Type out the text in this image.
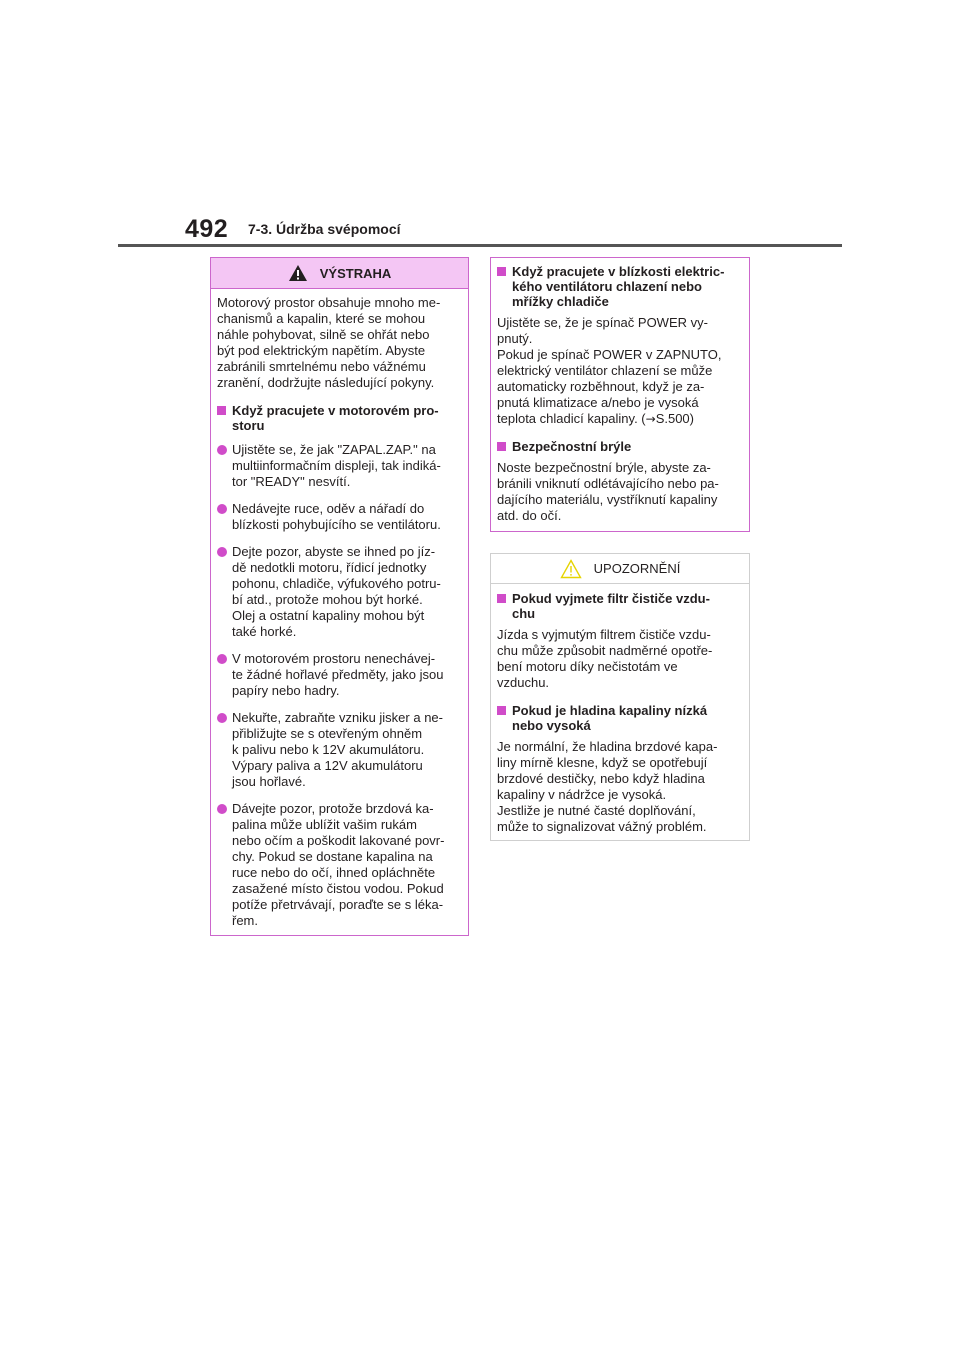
492 7-3. Údržba svépomocí
VÝSTRAHA

Motorový prostor obsahuje mnoho me-
chanismů a kapalin, které se mohou
náhle pohybovat, silně se ohřát nebo
být pod elektrickým napětím. Abyste
zabránili smrtelnému nebo vážnému
zranění, dodržujte následující pokyny.

Když pracujete v motorovém pro-
storu

Ujistěte se, že jak "ZAPAL.ZAP." na
multiinformačním displeji, tak indiká-
tor "READY" nesvítí.

Nedávejte ruce, oděv a nářadí do
blízkosti pohybujícího se ventilátoru.

Dejte pozor, abyste se ihned po jíz-
dě nedotkli motoru, řídicí jednotky
pohonu, chladiče, výfukového potru-
bí atd., protože mohou být horké.
Olej a ostatní kapaliny mohou být
také horké.

V motorovém prostoru nenechávej-
te žádné hořlavé předměty, jako jsou
papíry nebo hadry.

Nekuřte, zabraňte vzniku jisker a ne-
přibližujte se s otevřeným ohněm
k palivu nebo k 12V akumulátoru.
Výpary paliva a 12V akumulátoru
jsou hořlavé.

Dávejte pozor, protože brzdová ka-
palina může ublížit vašim rukám
nebo očím a poškodit lakované povr-
chy. Pokud se dostane kapalina na
ruce nebo do očí, ihned opláchněte
zasažené místo čistou vodou. Pokud
potíže přetrvávají, poraďte se s léka-
řem.

Když pracujete v blízkosti elektric-
kého ventilátoru chlazení nebo
mřížky chladiče

Ujistěte se, že je spínač POWER vy-
pnutý.
Pokud je spínač POWER v ZAPNUTO,
elektrický ventilátor chlazení se může
automaticky rozběhnout, když je za-
pnutá klimatizace a/nebo je vysoká
teplota chladicí kapaliny. (→S.500)

Bezpečnostní brýle

Noste bezpečnostní brýle, abyste za-
bránili vniknutí odlétávajícího nebo pa-
dajícího materiálu, vystříknutí kapaliny
atd. do očí.

UPOZORNĚNÍ
Pokud vyjmete filtr čističe vzdu-
chu

Jízda s vyjmutým filtrem čističe vzdu-
chu může způsobit nadměrné opotře-
bení motoru díky nečistotám ve
vzduchu.

Pokud je hladina kapaliny nízká
nebo vysoká

Je normální, že hladina brzdové kapa-
liny mírně klesne, když se opotřebují
brzdové destičky, nebo když hladina
kapaliny v nádržce je vysoká.
Jestliže je nutné časté doplňování,
může to signalizovat vážný problém.
